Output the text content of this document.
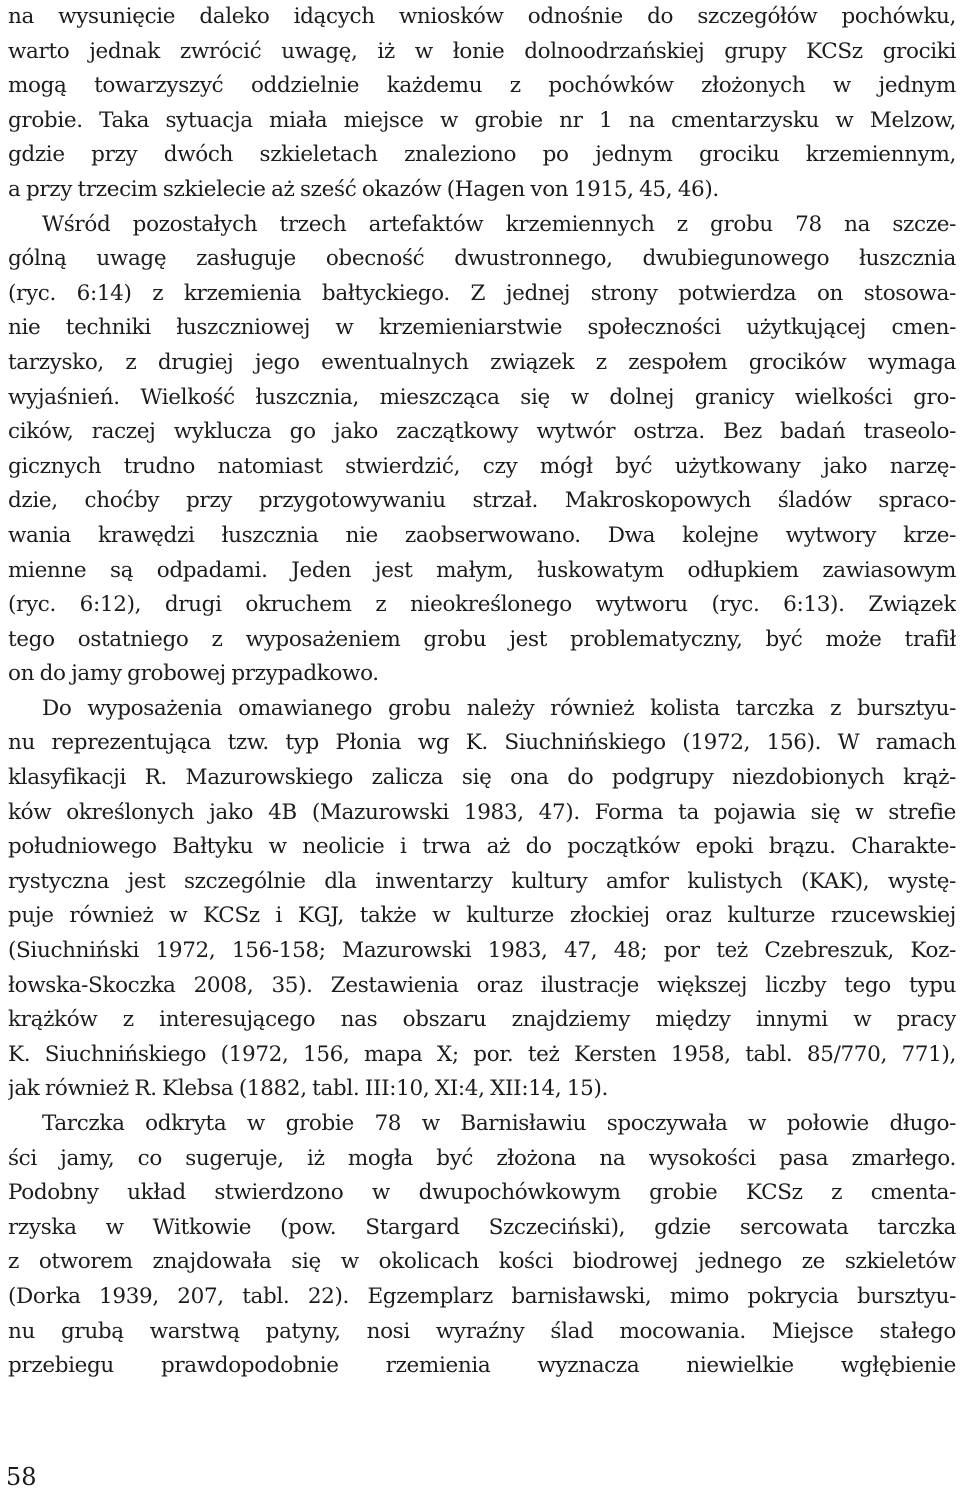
na wysunięcie daleko idących wniosków odnośnie do szczegółów pochówku,
warto jednak zwrócić uwagę, iż w łonie dolnoodrzańskiej grupy KCSz grociki
mogą towarzyszyć oddzielnie każdemu z pochówków złożonych w jednym
grobie. Taka sytuacja miała miejsce w grobie nr 1 na cmentarzysku w Melzow,
gdzie przy dwóch szkieletach znaleziono po jednym grociku krzemiennym,
a przy trzecim szkielecie aż sześć okazów (Hagen von 1915, 45, 46).
Wśród pozostałych trzech artefaktów krzemiennych z grobu 78 na szcze-
gólną uwagę zasługuje obecność dwustronnego, dwubiegunowego łuszcznia
(ryc. 6:14) z krzemienia bałtyckiego. Z jednej strony potwierdza on stosowa-
nie techniki łuszczniowej w krzemieniarstwie społeczności użytkującej cmen-
tarzysko, z drugiej jego ewentualnych związek z zespołem grocików wymaga
wyjaśnień. Wielkość łuszcznia, mieszcząca się w dolnej granicy wielkości gro-
cików, raczej wyklucza go jako zaczątkowy wytwór ostrza. Bez badań traseolo-
gicznych trudno natomiast stwierdzić, czy mógł być użytkowany jako narzę-
dzie, choćby przy przygotowywaniu strzał. Makroskopowych śladów spraco-
wania krawędzi łuszcznia nie zaobserwowano. Dwa kolejne wytwory krze-
mienne są odpadami. Jeden jest małym, łuskowatym odłupkiem zawiasowym
(ryc. 6:12), drugi okruchem z nieokreślonego wytworu (ryc. 6:13). Związek
tego ostatniego z wyposażeniem grobu jest problematyczny, być może trafił
on do jamy grobowej przypadkowo.
Do wyposażenia omawianego grobu należy również kolista tarczka z bursztyu-
nu reprezentująca tzw. typ Płonia wg K. Siuchnińskiego (1972, 156). W ramach
klasyfikacji R. Mazurowskiego zalicza się ona do podgrupy niezdobionych krąż-
ków określonych jako 4B (Mazurowski 1983, 47). Forma ta pojawia się w strefie
południowego Bałtyku w neolicie i trwa aż do początków epoki brązu. Charakte-
rystyczna jest szczególnie dla inwentarzy kultury amfor kulistych (KAK), wystę-
puje również w KCSz i KGJ, także w kulturze złockiej oraz kulturze rzucewskiej
(Siuchniński 1972, 156-158; Mazurowski 1983, 47, 48; por też Czebreszuk, Koz-
łowska-Skoczka 2008, 35). Zestawienia oraz ilustracje większej liczby tego typu
krążków z interesującego nas obszaru znajdziemy między innymi w pracy
K. Siuchnińskiego (1972, 156, mapa X; por. też Kersten 1958, tabl. 85/770, 771),
jak również R. Klebsa (1882, tabl. III:10, XI:4, XII:14, 15).
Tarczka odkryta w grobie 78 w Barnisławiu spoczywała w połowie długo-
ści jamy, co sugeruje, iż mogła być złożona na wysokości pasa zmarłego.
Podobny układ stwierdzono w dwupochówkowym grobie KCSz z cmenta-
rzyska w Witkowie (pow. Stargard Szczeciński), gdzie sercowata tarczka
z otworem znajdowała się w okolicach kości biodrowej jednego ze szkieletów
(Dorka 1939, 207, tabl. 22). Egzemplarz barnisławski, mimo pokrycia bursztyu-
nu grubą warstwą patyny, nosi wyraźny ślad mocowania. Miejsce stałego
przebiegu prawdopodobnie rzemienia wyznacza niewielkie wgłębienie
58
